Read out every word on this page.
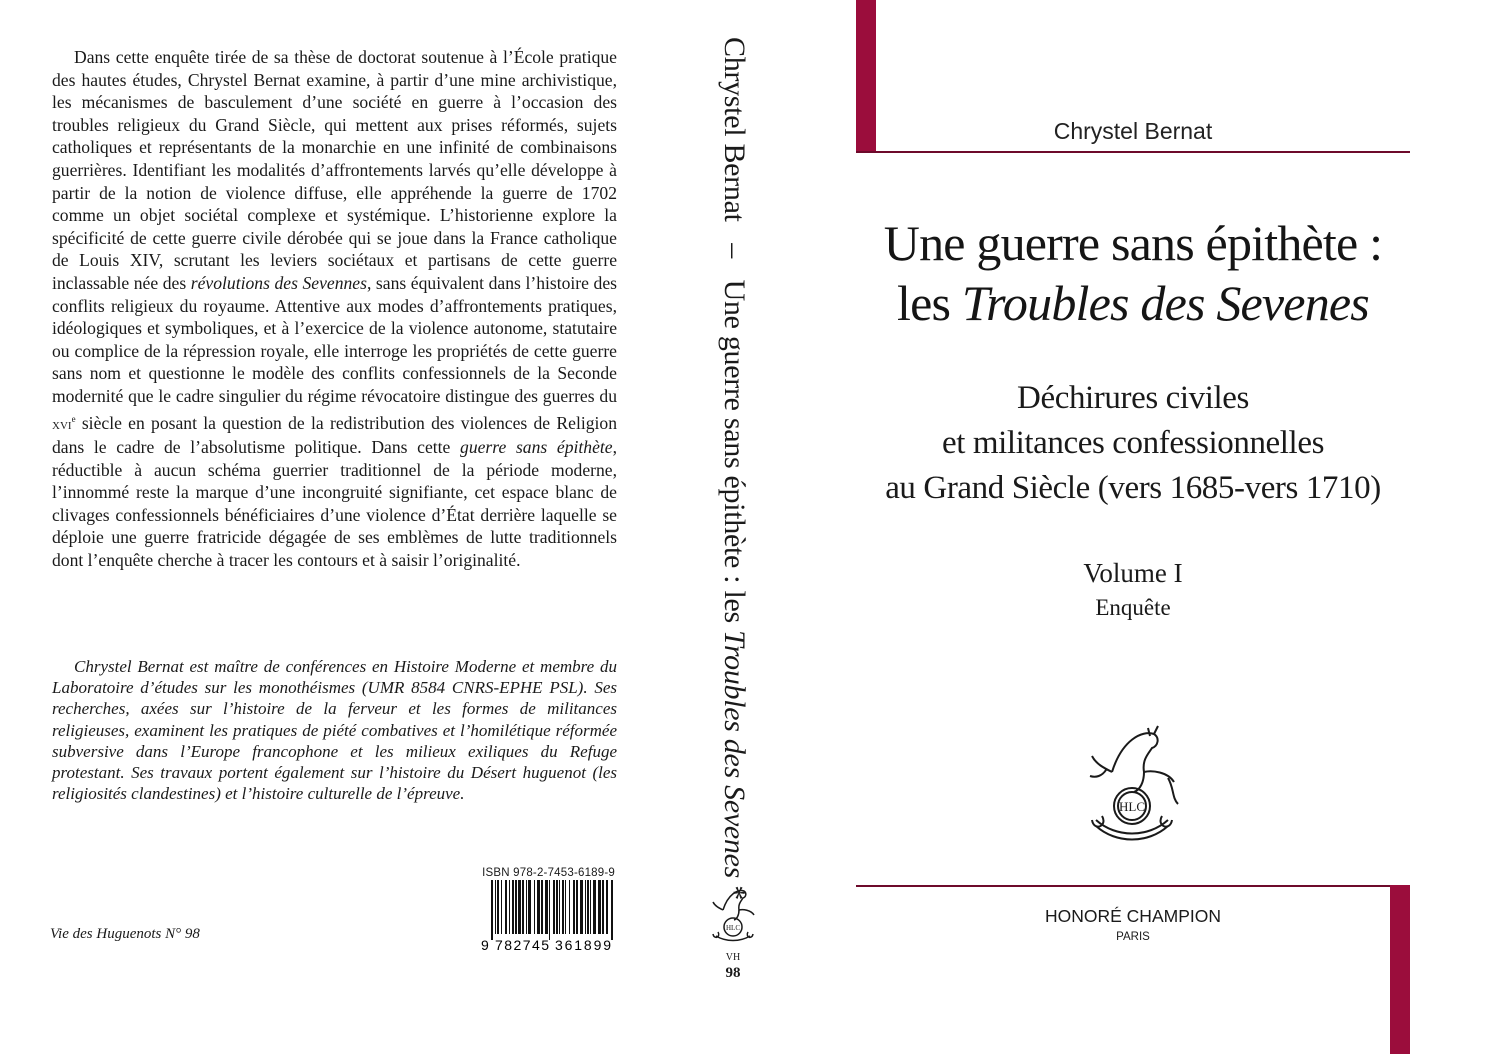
Dans cette enquête tirée de sa thèse de doctorat soutenue à l’École pratique des hautes études, Chrystel Bernat examine, à partir d’une mine archivistique, les mécanismes de basculement d’une société en guerre à l’occasion des troubles religieux du Grand Siècle, qui mettent aux prises réformés, sujets catholiques et représentants de la monarchie en une infinité de combinaisons guerrières. Identifiant les modalités d’affrontements larvés qu’elle développe à partir de la notion de violence diffuse, elle appréhende la guerre de 1702 comme un objet sociétal complexe et systémique. L’historienne explore la spécificité de cette guerre civile dérobée qui se joue dans la France catholique de Louis XIV, scrutant les leviers sociétaux et partisans de cette guerre inclassable née des révolutions des Sevennes, sans équivalent dans l’histoire des conflits religieux du royaume. Attentive aux modes d’affrontements pratiques, idéologiques et symboliques, et à l’exercice de la violence autonome, statutaire ou complice de la répression royale, elle interroge les propriétés de cette guerre sans nom et questionne le modèle des conflits confessionnels de la Seconde modernité que le cadre singulier du régime révocatoire distingue des guerres du xvi$^e$ siècle en posant la question de la redistribution des violences de Religion dans le cadre de l’absolutisme politique. Dans cette guerre sans épithète, réductible à aucun schéma guerrier traditionnel de la période moderne, l’innommé reste la marque d’une incongruité signifiante, cet espace blanc de clivages confessionnels bénéficiaires d’une violence d’État derrière laquelle se déploie une guerre fratricide dégagée de ses emblèmes de lutte traditionnels dont l’enquête cherche à tracer les contours et à saisir l’originalité.

Chrystel Bernat est maître de conférences en Histoire Moderne et membre du Laboratoire d’études sur les monothéismes (UMR 8584 CNRS-EPHE PSL). Ses recherches, axées sur l’histoire de la ferveur et les formes de militances religieuses, examinent les pratiques de piété combatives et l’homilétique réformée subversive dans l’Europe francophone et les milieux exiliques du Refuge protestant. Ses travaux portent également sur l’histoire du Désert huguenot (les religiosités clandestines) et l’histoire culturelle de l’épreuve.
Vie des Huguenots N° 98
ISBN 978-2-7453-6189-9
9 782745 361899
Chrystel Bernat   –   Une guerre sans épithète : les Troubles des Sevenes *
HLC
VH
98
Chrystel Bernat
Une guerre sans épithète :
les Troubles des Sevenes
Déchirures civiles
et militances confessionnelles
au Grand Siècle (vers 1685-vers 1710)
Volume I
Enquête
HLC
HONORÉ CHAMPION
PARIS
